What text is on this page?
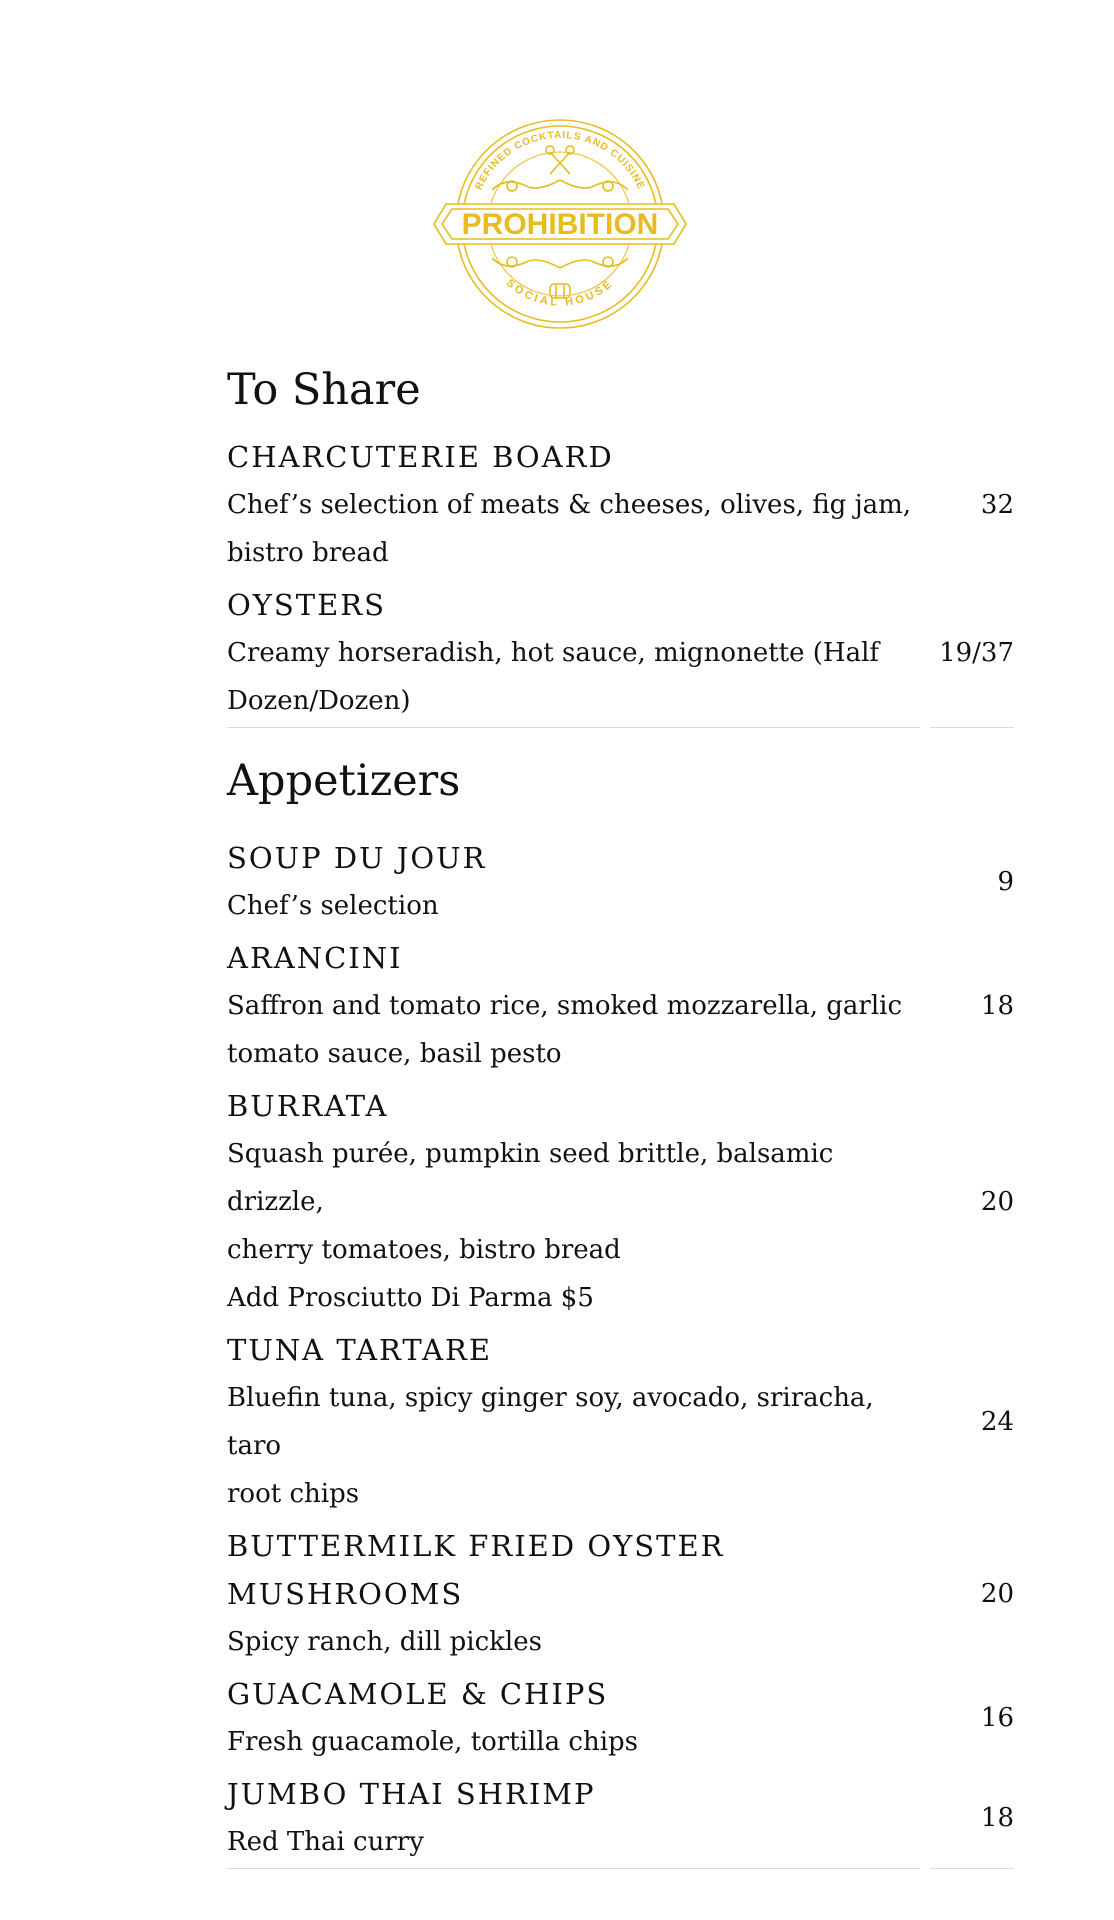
REFINED COCKTAILS AND CUISINE
SOCIAL HOUSE
PROHIBITION
To Share
CHARCUTERIE BOARD
Chef’s selection of meats & cheeses, olives, fig jam,
bistro bread
32
OYSTERS
Creamy horseradish, hot sauce, mignonette (Half
Dozen/Dozen)
19/37
Appetizers
SOUP DU JOUR
Chef’s selection
9
ARANCINI
Saffron and tomato rice, smoked mozzarella, garlic
tomato sauce, basil pesto
18
BURRATA
Squash purée, pumpkin seed brittle, balsamic drizzle,
cherry tomatoes, bistro bread
Add Prosciutto Di Parma $5
20
TUNA TARTARE
Bluefin tuna, spicy ginger soy, avocado, sriracha, taro
root chips
24
BUTTERMILK FRIED OYSTER
MUSHROOMS
Spicy ranch, dill pickles
20
GUACAMOLE & CHIPS
Fresh guacamole, tortilla chips
16
JUMBO THAI SHRIMP
Red Thai curry
18
